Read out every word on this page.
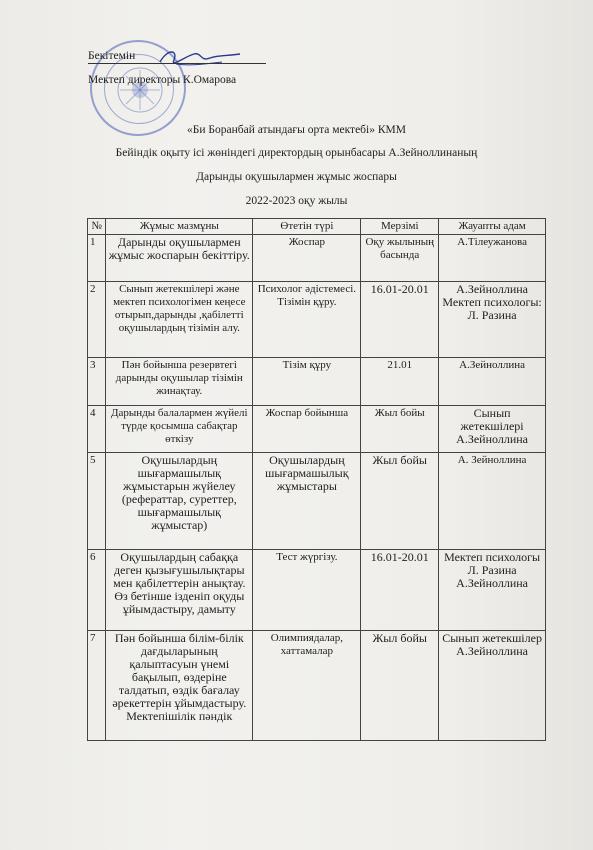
Бекітемін
Мектеп директоры К.Омарова
«Би Боранбай атындағы орта мектебі» КММ
Бейіндік оқыту ісі жөніндегі директордың орынбасары А.Зейноллинаның
Дарынды оқушылармен жұмыс жоспары
2022-2023 оқу жылы
№	Жұмыс мазмұны	Өтетін түрі	Мерзімі	Жауапты адам
1	Дарынды оқушылармен жұмыс жоспарын бекіттіру.	Жоспар	Оқу жылының басында	А.Тілеужанова
2	Сынып жетекшілері және мектеп психологімен кеңесе отырып,дарынды ,қабілетті оқушылардың тізімін алу.	Психолог әдістемесі. Тізімін құру.	16.01-20.01	А.Зейноллина Мектеп психологы: Л. Разина
3	Пән бойынша резервтегі дарынды оқушылар тізімін жинақтау.	Тізім құру	21.01	А.Зейноллина
4	Дарынды балалармен жүйелі түрде қосымша сабақтар өткізу	Жоспар бойынша	Жыл бойы	Сынып жетекшілері А.Зейноллина
5	Оқушылардың шығармашылық жұмыстарын жүйелеу (рефераттар, суреттер, шығармашылық жұмыстар)	Оқушылардың шығармашылық жұмыстары	Жыл бойы	А. Зейноллина
6	Оқушылардың сабаққа деген қызығушылықтары мен қабілеттерін анықтау. Өз бетінше ізденіп оқуды ұйымдастыру, дамыту	Тест жүргізу.	16.01-20.01	Мектеп психологы Л. Разина А.Зейноллина
7	Пән бойынша білім-білік дағдыларының қалыптасуын үнемі бақылып, өздеріне талдатып, өздік бағалау әрекеттерін ұйымдастыру. Мектепішілік пәндік	Олимпиядалар, хаттамалар	Жыл бойы	Сынып жетекшілер А.Зейноллина
